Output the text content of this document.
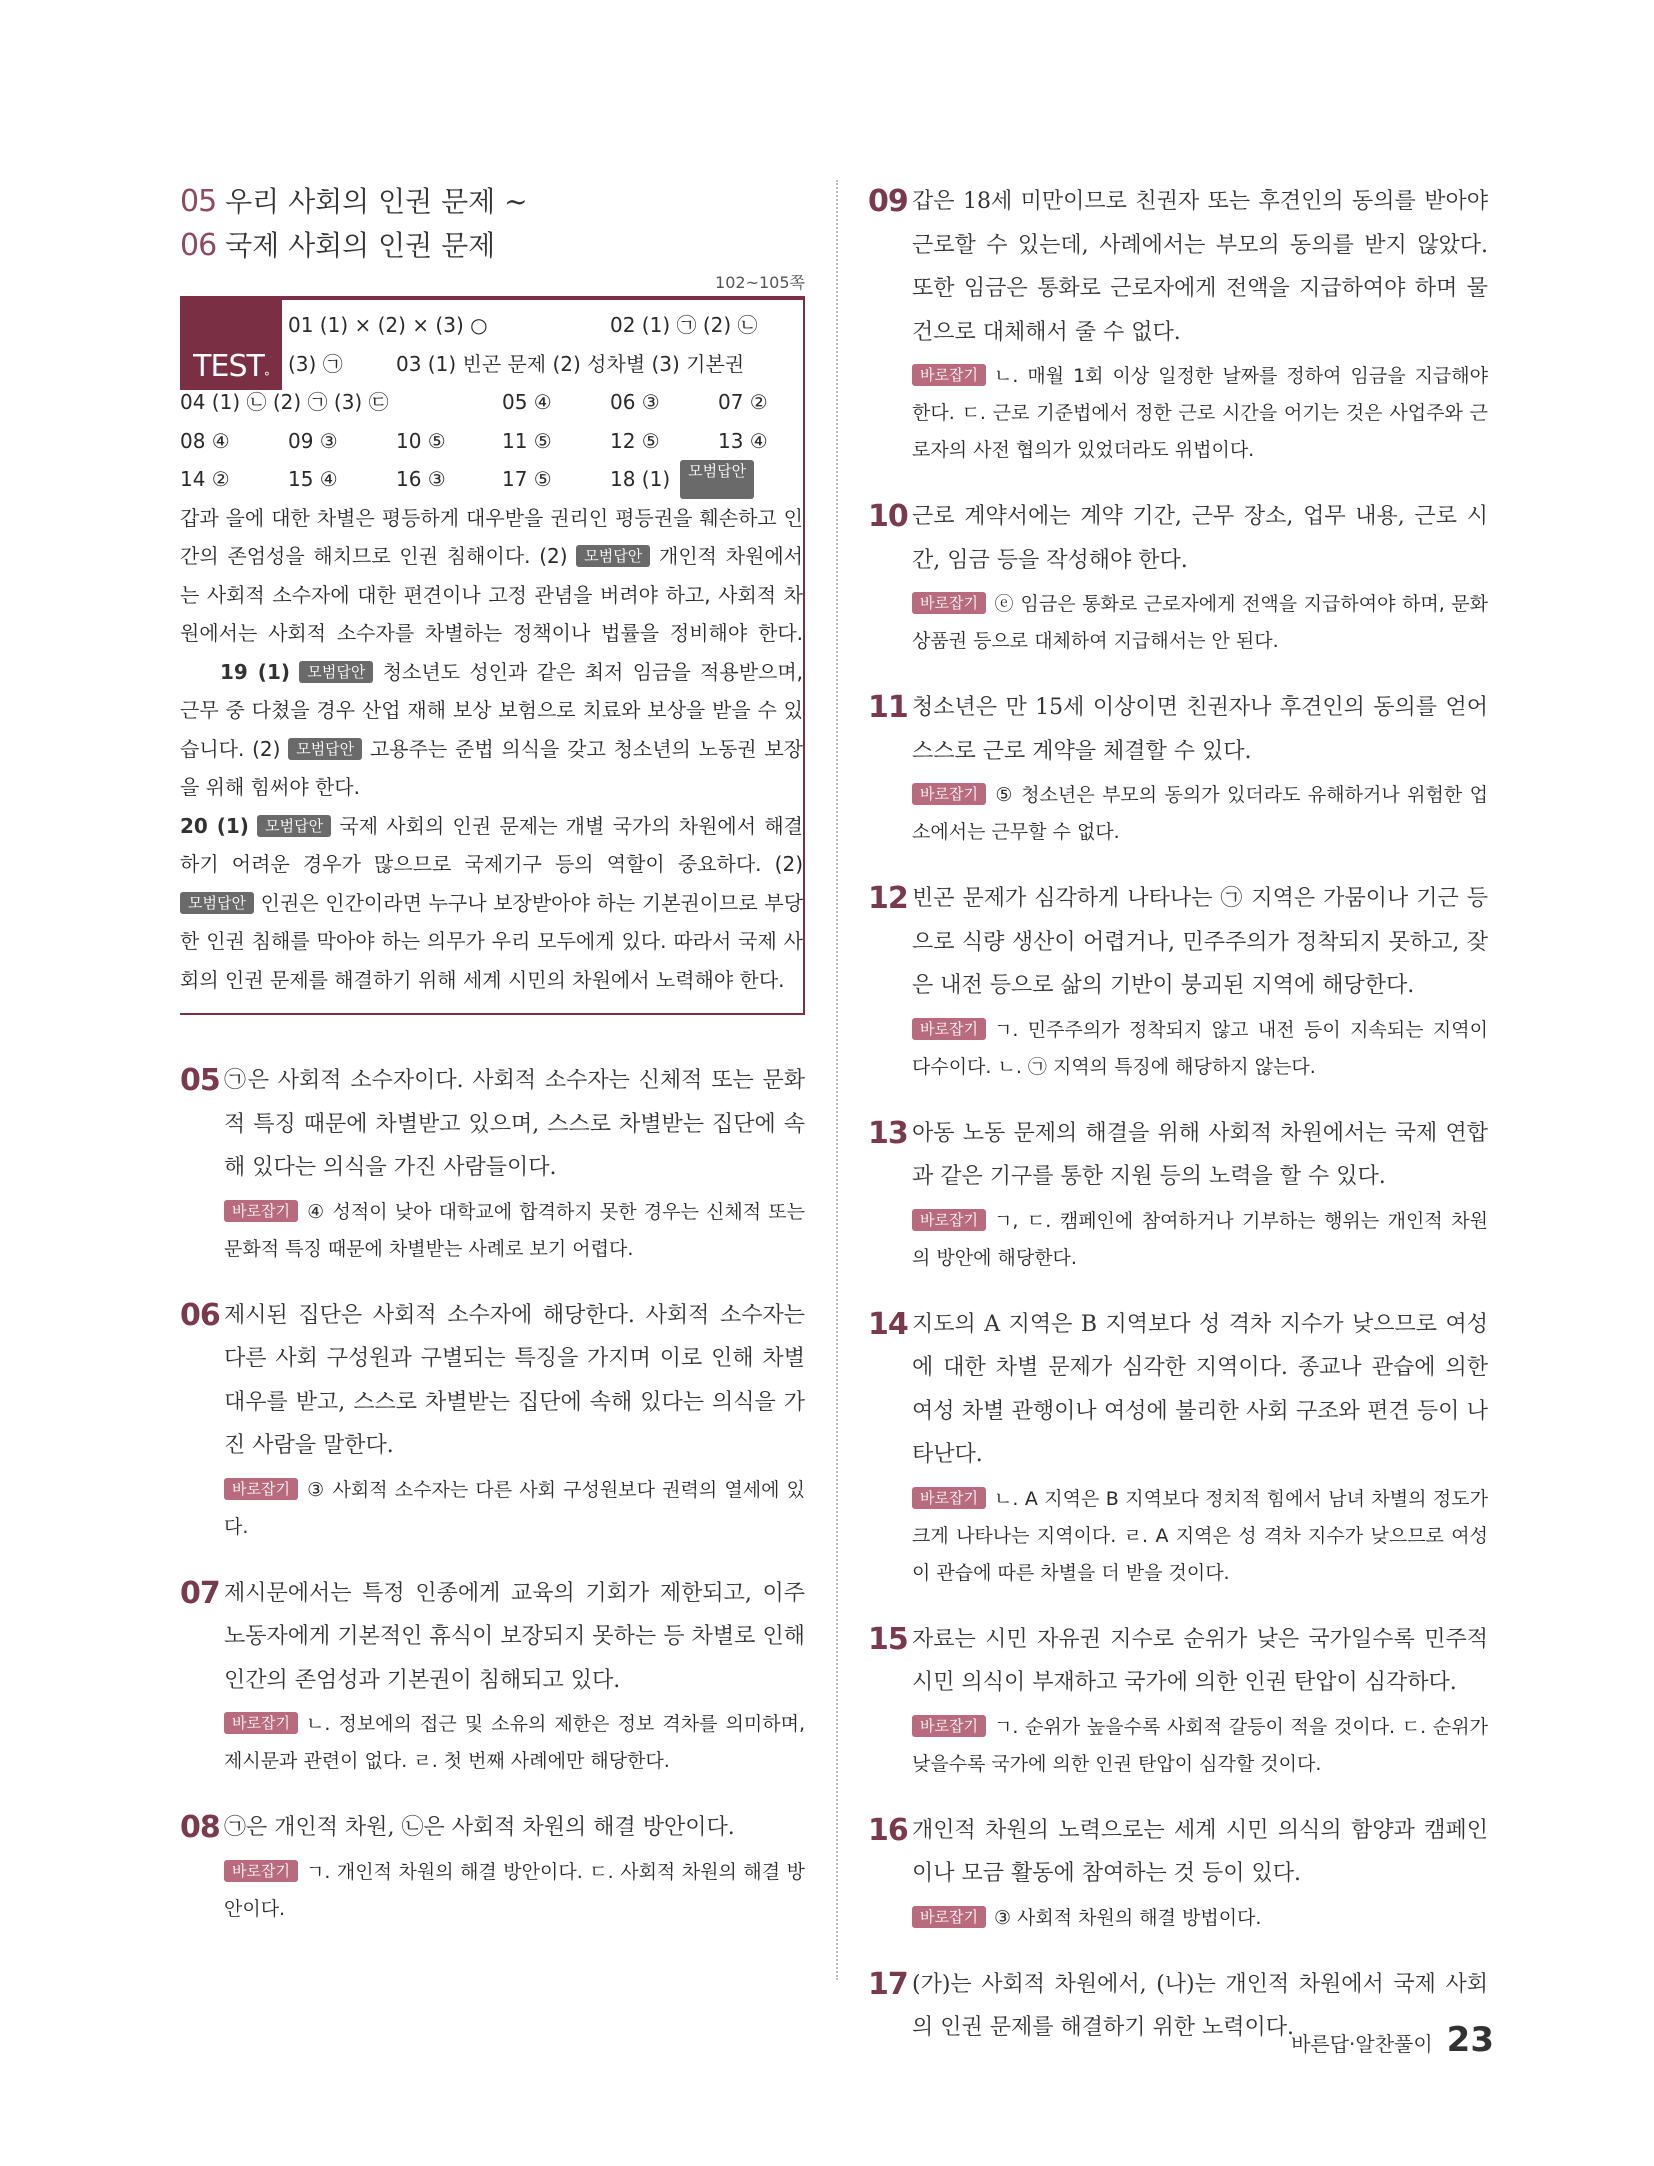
05 우리 사회의 인권 문제 ~
06 국제 사회의 인권 문제
102~105쪽
$TEST^\circ$
01 (1) × (2) × (3) ○	02 (1) ㉠ (2) ㉡
(3) ㉠	03 (1) 빈곤 문제 (2) 성차별 (3) 기본권
04 (1) ㉡ (2) ㉠ (3) ㉢	05 ④	06 ③	07 ②
08 ④	09 ③	10 ⑤	11 ⑤	12 ⑤	13 ④
14 ②	15 ④	16 ③	17 ⑤	18 (1)	모범답안
갑과 을에 대한 차별은 평등하게 대우받을 권리인 평등권을 훼손하고 인간의 존엄성을 해치므로 인권 침해이다. (2) 모범답안 개인적 차원에서는 사회적 소수자에 대한 편견이나 고정 관념을 버려야 하고, 사회적 차원에서는 사회적 소수자를 차별하는 정책이나 법률을 정비해야 한다. 19 (1) 모범답안 청소년도 성인과 같은 최저 임금을 적용받으며, 근무 중 다쳤을 경우 산업 재해 보상 보험으로 치료와 보상을 받을 수 있습니다. (2) 모범답안 고용주는 준법 의식을 갖고 청소년의 노동권 보장을 위해 힘써야 한다.
20 (1) 모범답안 국제 사회의 인권 문제는 개별 국가의 차원에서 해결하기 어려운 경우가 많으므로 국제기구 등의 역할이 중요하다. (2) 모범답안 인권은 인간이라면 누구나 보장받아야 하는 기본권이므로 부당한 인권 침해를 막아야 하는 의무가 우리 모두에게 있다. 따라서 국제 사회의 인권 문제를 해결하기 위해 세계 시민의 차원에서 노력해야 한다.
05 ㉠은 사회적 소수자이다. 사회적 소수자는 신체적 또는 문화적 특징 때문에 차별받고 있으며, 스스로 차별받는 집단에 속해 있다는 의식을 가진 사람들이다.
바로잡기 ④ 성적이 낮아 대학교에 합격하지 못한 경우는 신체적 또는 문화적 특징 때문에 차별받는 사례로 보기 어렵다.
06 제시된 집단은 사회적 소수자에 해당한다. 사회적 소수자는 다른 사회 구성원과 구별되는 특징을 가지며 이로 인해 차별 대우를 받고, 스스로 차별받는 집단에 속해 있다는 의식을 가진 사람을 말한다.
바로잡기 ③ 사회적 소수자는 다른 사회 구성원보다 권력의 열세에 있다.
07 제시문에서는 특정 인종에게 교육의 기회가 제한되고, 이주 노동자에게 기본적인 휴식이 보장되지 못하는 등 차별로 인해 인간의 존엄성과 기본권이 침해되고 있다.
바로잡기 ㄴ. 정보에의 접근 및 소유의 제한은 정보 격차를 의미하며, 제시문과 관련이 없다. ㄹ. 첫 번째 사례에만 해당한다.
08 ㉠은 개인적 차원, ㉡은 사회적 차원의 해결 방안이다.
바로잡기 ㄱ. 개인적 차원의 해결 방안이다. ㄷ. 사회적 차원의 해결 방안이다.
09 갑은 18세 미만이므로 친권자 또는 후견인의 동의를 받아야 근로할 수 있는데, 사례에서는 부모의 동의를 받지 않았다. 또한 임금은 통화로 근로자에게 전액을 지급하여야 하며 물건으로 대체해서 줄 수 없다.
바로잡기 ㄴ. 매월 1회 이상 일정한 날짜를 정하여 임금을 지급해야 한다. ㄷ. 근로 기준법에서 정한 근로 시간을 어기는 것은 사업주와 근로자의 사전 협의가 있었더라도 위법이다.
10 근로 계약서에는 계약 기간, 근무 장소, 업무 내용, 근로 시간, 임금 등을 작성해야 한다.
바로잡기 ⓔ 임금은 통화로 근로자에게 전액을 지급하여야 하며, 문화 상품권 등으로 대체하여 지급해서는 안 된다.
11 청소년은 만 15세 이상이면 친권자나 후견인의 동의를 얻어 스스로 근로 계약을 체결할 수 있다.
바로잡기 ⑤ 청소년은 부모의 동의가 있더라도 유해하거나 위험한 업소에서는 근무할 수 없다.
12 빈곤 문제가 심각하게 나타나는 ㉠ 지역은 가뭄이나 기근 등으로 식량 생산이 어렵거나, 민주주의가 정착되지 못하고, 잦은 내전 등으로 삶의 기반이 붕괴된 지역에 해당한다.
바로잡기 ㄱ. 민주주의가 정착되지 않고 내전 등이 지속되는 지역이 다수이다. ㄴ. ㉠ 지역의 특징에 해당하지 않는다.
13 아동 노동 문제의 해결을 위해 사회적 차원에서는 국제 연합과 같은 기구를 통한 지원 등의 노력을 할 수 있다.
바로잡기 ㄱ, ㄷ. 캠페인에 참여하거나 기부하는 행위는 개인적 차원의 방안에 해당한다.
14 지도의 A 지역은 B 지역보다 성 격차 지수가 낮으므로 여성에 대한 차별 문제가 심각한 지역이다. 종교나 관습에 의한 여성 차별 관행이나 여성에 불리한 사회 구조와 편견 등이 나타난다.
바로잡기 ㄴ. A 지역은 B 지역보다 정치적 힘에서 남녀 차별의 정도가 크게 나타나는 지역이다. ㄹ. A 지역은 성 격차 지수가 낮으므로 여성이 관습에 따른 차별을 더 받을 것이다.
15 자료는 시민 자유권 지수로 순위가 낮은 국가일수록 민주적 시민 의식이 부재하고 국가에 의한 인권 탄압이 심각하다.
바로잡기 ㄱ. 순위가 높을수록 사회적 갈등이 적을 것이다. ㄷ. 순위가 낮을수록 국가에 의한 인권 탄압이 심각할 것이다.
16 개인적 차원의 노력으로는 세계 시민 의식의 함양과 캠페인이나 모금 활동에 참여하는 것 등이 있다.
바로잡기 ③ 사회적 차원의 해결 방법이다.
17 (가)는 사회적 차원에서, (나)는 개인적 차원에서 국제 사회의 인권 문제를 해결하기 위한 노력이다.
바른답·알찬풀이 23
